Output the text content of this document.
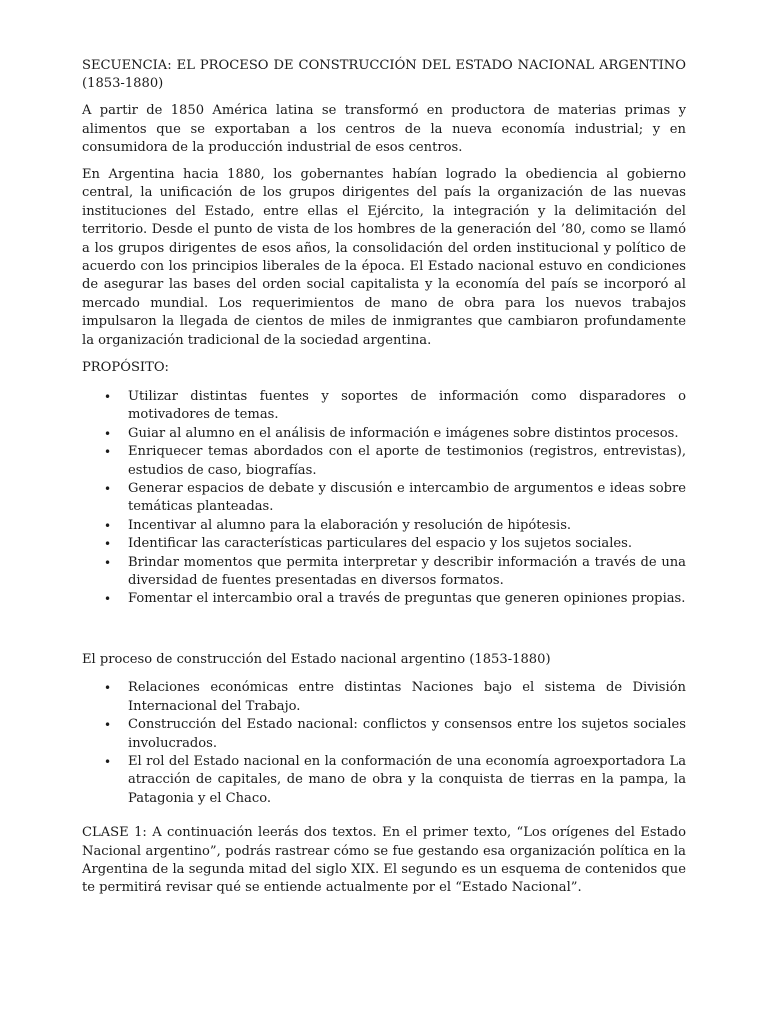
SECUENCIA: EL PROCESO DE CONSTRUCCIÓN DEL ESTADO NACIONAL ARGENTINO (1853-1880)

A partir de 1850 América latina se transformó en productora de materias primas y alimentos que se exportaban a los centros de la nueva economía industrial; y en consumidora de la producción industrial de esos centros.

En Argentina hacia 1880, los gobernantes habían logrado la obediencia al gobierno central, la unificación de los grupos dirigentes del país la organización de las nuevas instituciones del Estado, entre ellas el Ejército, la integración y la delimitación del territorio. Desde el punto de vista de los hombres de la generación del ’80, como se llamó a los grupos dirigentes de esos años, la consolidación del orden institucional y político de acuerdo con los principios liberales de la época. El Estado nacional estuvo en condiciones de asegurar las bases del orden social capitalista y la economía del país se incorporó al mercado mundial. Los requerimientos de mano de obra para los nuevos trabajos impulsaron la llegada de cientos de miles de inmigrantes que cambiaron profundamente la organización tradicional de la sociedad argentina.

PROPÓSITO:

• Utilizar distintas fuentes y soportes de información como disparadores o motivadores de temas.
• Guiar al alumno en el análisis de información e imágenes sobre distintos procesos.
• Enriquecer temas abordados con el aporte de testimonios (registros, entrevistas), estudios de caso, biografías.
• Generar espacios de debate y discusión e intercambio de argumentos e ideas sobre temáticas planteadas.
• Incentivar al alumno para la elaboración y resolución de hipótesis.
• Identificar las características particulares del espacio y los sujetos sociales.
• Brindar momentos que permita interpretar y describir información a través de una diversidad de fuentes presentadas en diversos formatos.
• Fomentar el intercambio oral a través de preguntas que generen opiniones propias.

El proceso de construcción del Estado nacional argentino (1853-1880)

• Relaciones económicas entre distintas Naciones bajo el sistema de División Internacional del Trabajo.
• Construcción del Estado nacional: conflictos y consensos entre los sujetos sociales involucrados.
• El rol del Estado nacional en la conformación de una economía agroexportadora La atracción de capitales, de mano de obra y la conquista de tierras en la pampa, la Patagonia y el Chaco.

CLASE 1: A continuación leerás dos textos. En el primer texto, “Los orígenes del Estado Nacional argentino”, podrás rastrear cómo se fue gestando esa organización política en la Argentina de la segunda mitad del siglo XIX. El segundo es un esquema de contenidos que te permitirá revisar qué se entiende actualmente por el “Estado Nacional”.
